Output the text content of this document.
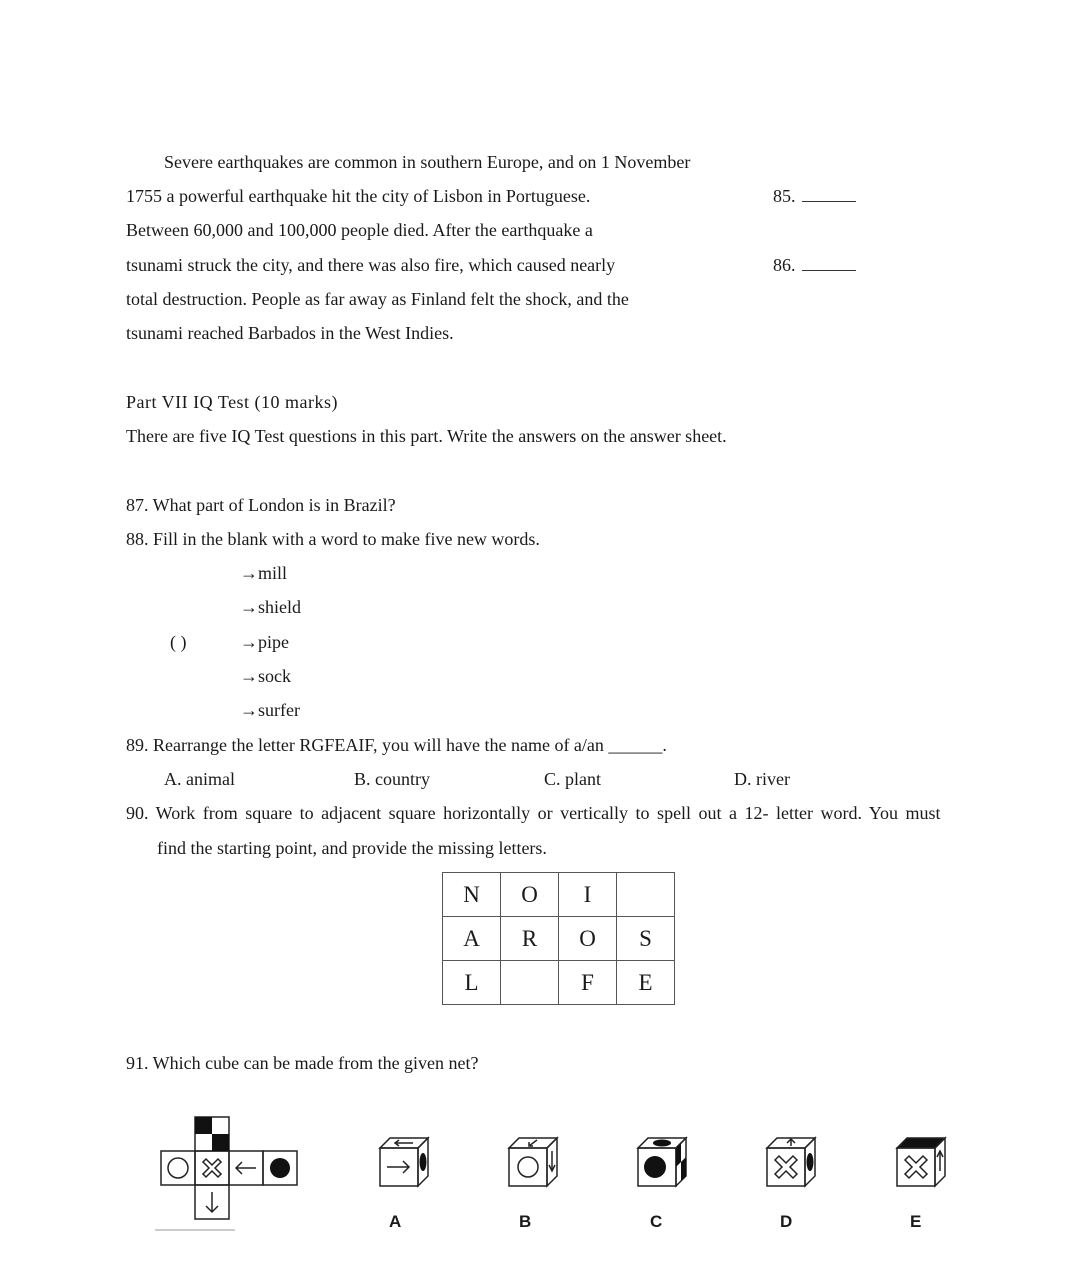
Severe earthquakes are common in southern Europe, and on 1 November
1755 a powerful earthquake hit the city of Lisbon in Portuguese.
Between 60,000 and 100,000 people died. After the earthquake a
tsunami struck the city, and there was also fire, which caused nearly
total destruction. People as far away as Finland felt the shock, and the
tsunami reached Barbados in the West Indies.
85.
86.
Part VII IQ Test (10 marks)
There are five IQ Test questions in this part. Write the answers on the answer sheet.
87. What part of London is in Brazil?
88. Fill in the blank with a word to make five new words.
→mill
→shield
( )	→pipe
→sock
→surfer
89. Rearrange the letter RGFEAIF, you will have the name of a/an ______.
A. animal	B. country	C. plant	D. river
90. Work from square to adjacent square horizontally or vertically to spell out a 12- letter word. You must
find the starting point, and provide the missing letters.
N	O	I	
A	R	O	S
L		F	E
91. Which cube can be made from the given net?
A	B	C	D	E
